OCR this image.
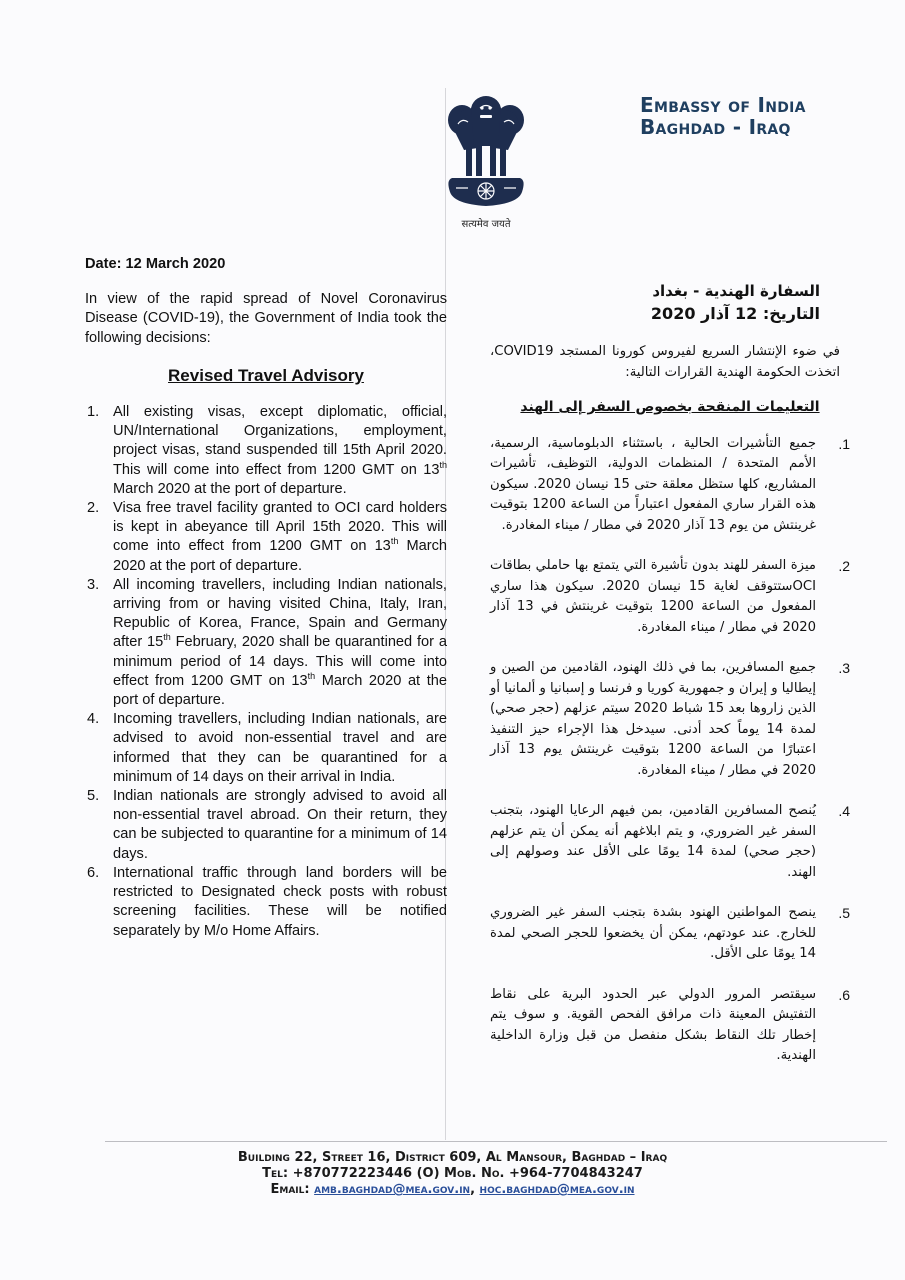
सत्यमेव जयते
Embassy of India
Baghdad - Iraq

Date: 12 March 2020

In view of the rapid spread of Novel Coronavirus Disease (COVID-19), the Government of India took the following decisions:

Revised Travel Advisory

1. All existing visas, except diplomatic, official, UN/International Organizations, employment, project visas, stand suspended till 15th April 2020. This will come into effect from 1200 GMT on 13th March 2020 at the port of departure.
2. Visa free travel facility granted to OCI card holders is kept in abeyance till April 15th 2020. This will come into effect from 1200 GMT on 13th March 2020 at the port of departure.
3. All incoming travellers, including Indian nationals, arriving from or having visited China, Italy, Iran, Republic of Korea, France, Spain and Germany after 15th February, 2020 shall be quarantined for a minimum period of 14 days. This will come into effect from 1200 GMT on 13th March 2020 at the port of departure.
4. Incoming travellers, including Indian nationals, are advised to avoid non-essential travel and are informed that they can be quarantined for a minimum of 14 days on their arrival in India.
5. Indian nationals are strongly advised to avoid all non-essential travel abroad. On their return, they can be subjected to quarantine for a minimum of 14 days.
6. International traffic through land borders will be restricted to Designated check posts with robust screening facilities. These will be notified separately by M/o Home Affairs.

السفارة الهندية - بغداد

التاريخ: 12 آذار 2020

في ضوء الإنتشار السريع لفيروس كورونا المستجد COVID19، اتخذت الحكومة الهندية القرارات التالية:

التعليمات المنقحة بخصوص السفر إلى الهند

.1
جميع التأشيرات الحالية ، باستثناء الدبلوماسية، الرسمية، الأمم المتحدة / المنظمات الدولية، التوظيف، تأشيرات المشاريع، كلها ستظل معلقة حتى 15 نيسان 2020. سيكون هذه القرار ساري المفعول اعتباراً من الساعة 1200 بتوقيت غرينتش من يوم 13 آذار 2020 في مطار / ميناء المغادرة.
.2
ميزة السفر للهند بدون تأشيرة التي يتمتع بها حاملي بطاقات OCIستتوقف لغاية 15 نيسان 2020. سيكون هذا ساري المفعول من الساعة 1200 بتوقيت غرينتش في 13 آذار 2020 في مطار / ميناء المغادرة.
.3
جميع المسافرين، بما في ذلك الهنود، القادمين من الصين و إيطاليا و إيران و جمهورية كوريا و فرنسا و إسبانيا و ألمانيا أو الذين زاروها بعد 15 شباط 2020 سيتم عزلهم (حجر صحي) لمدة 14 يوماً كحد أدنى. سيدخل هذا الإجراء حيز التنفيذ اعتبارًا من الساعة 1200 بتوقيت غرينتش يوم 13 آذار 2020 في مطار / ميناء المغادرة.
.4
يُنصح المسافرين القادمين، بمن فيهم الرعايا الهنود، بتجنب السفر غير الضروري، و يتم ابلاغهم أنه يمكن أن يتم عزلهم (حجر صحي) لمدة 14 يومًا على الأقل عند وصولهم إلى الهند.
.5
ينصح المواطنين الهنود بشدة بتجنب السفر غير الضروري للخارج. عند عودتهم، يمكن أن يخضعوا للحجر الصحي لمدة 14 يومًا على الأقل.
.6
سيقتصر المرور الدولي عبر الحدود البرية على نقاط التفتيش المعينة ذات مرافق الفحص القوية. و سوف يتم إخطار تلك النقاط بشكل منفصل من قبل وزارة الداخلية الهندية.
Building 22, Street 16, District 609, Al Mansour, Baghdad – Iraq
Tel: +870772223446 (O) Mob. No. +964-7704843247
Email: amb.baghdad@mea.gov.in, hoc.baghdad@mea.gov.in
